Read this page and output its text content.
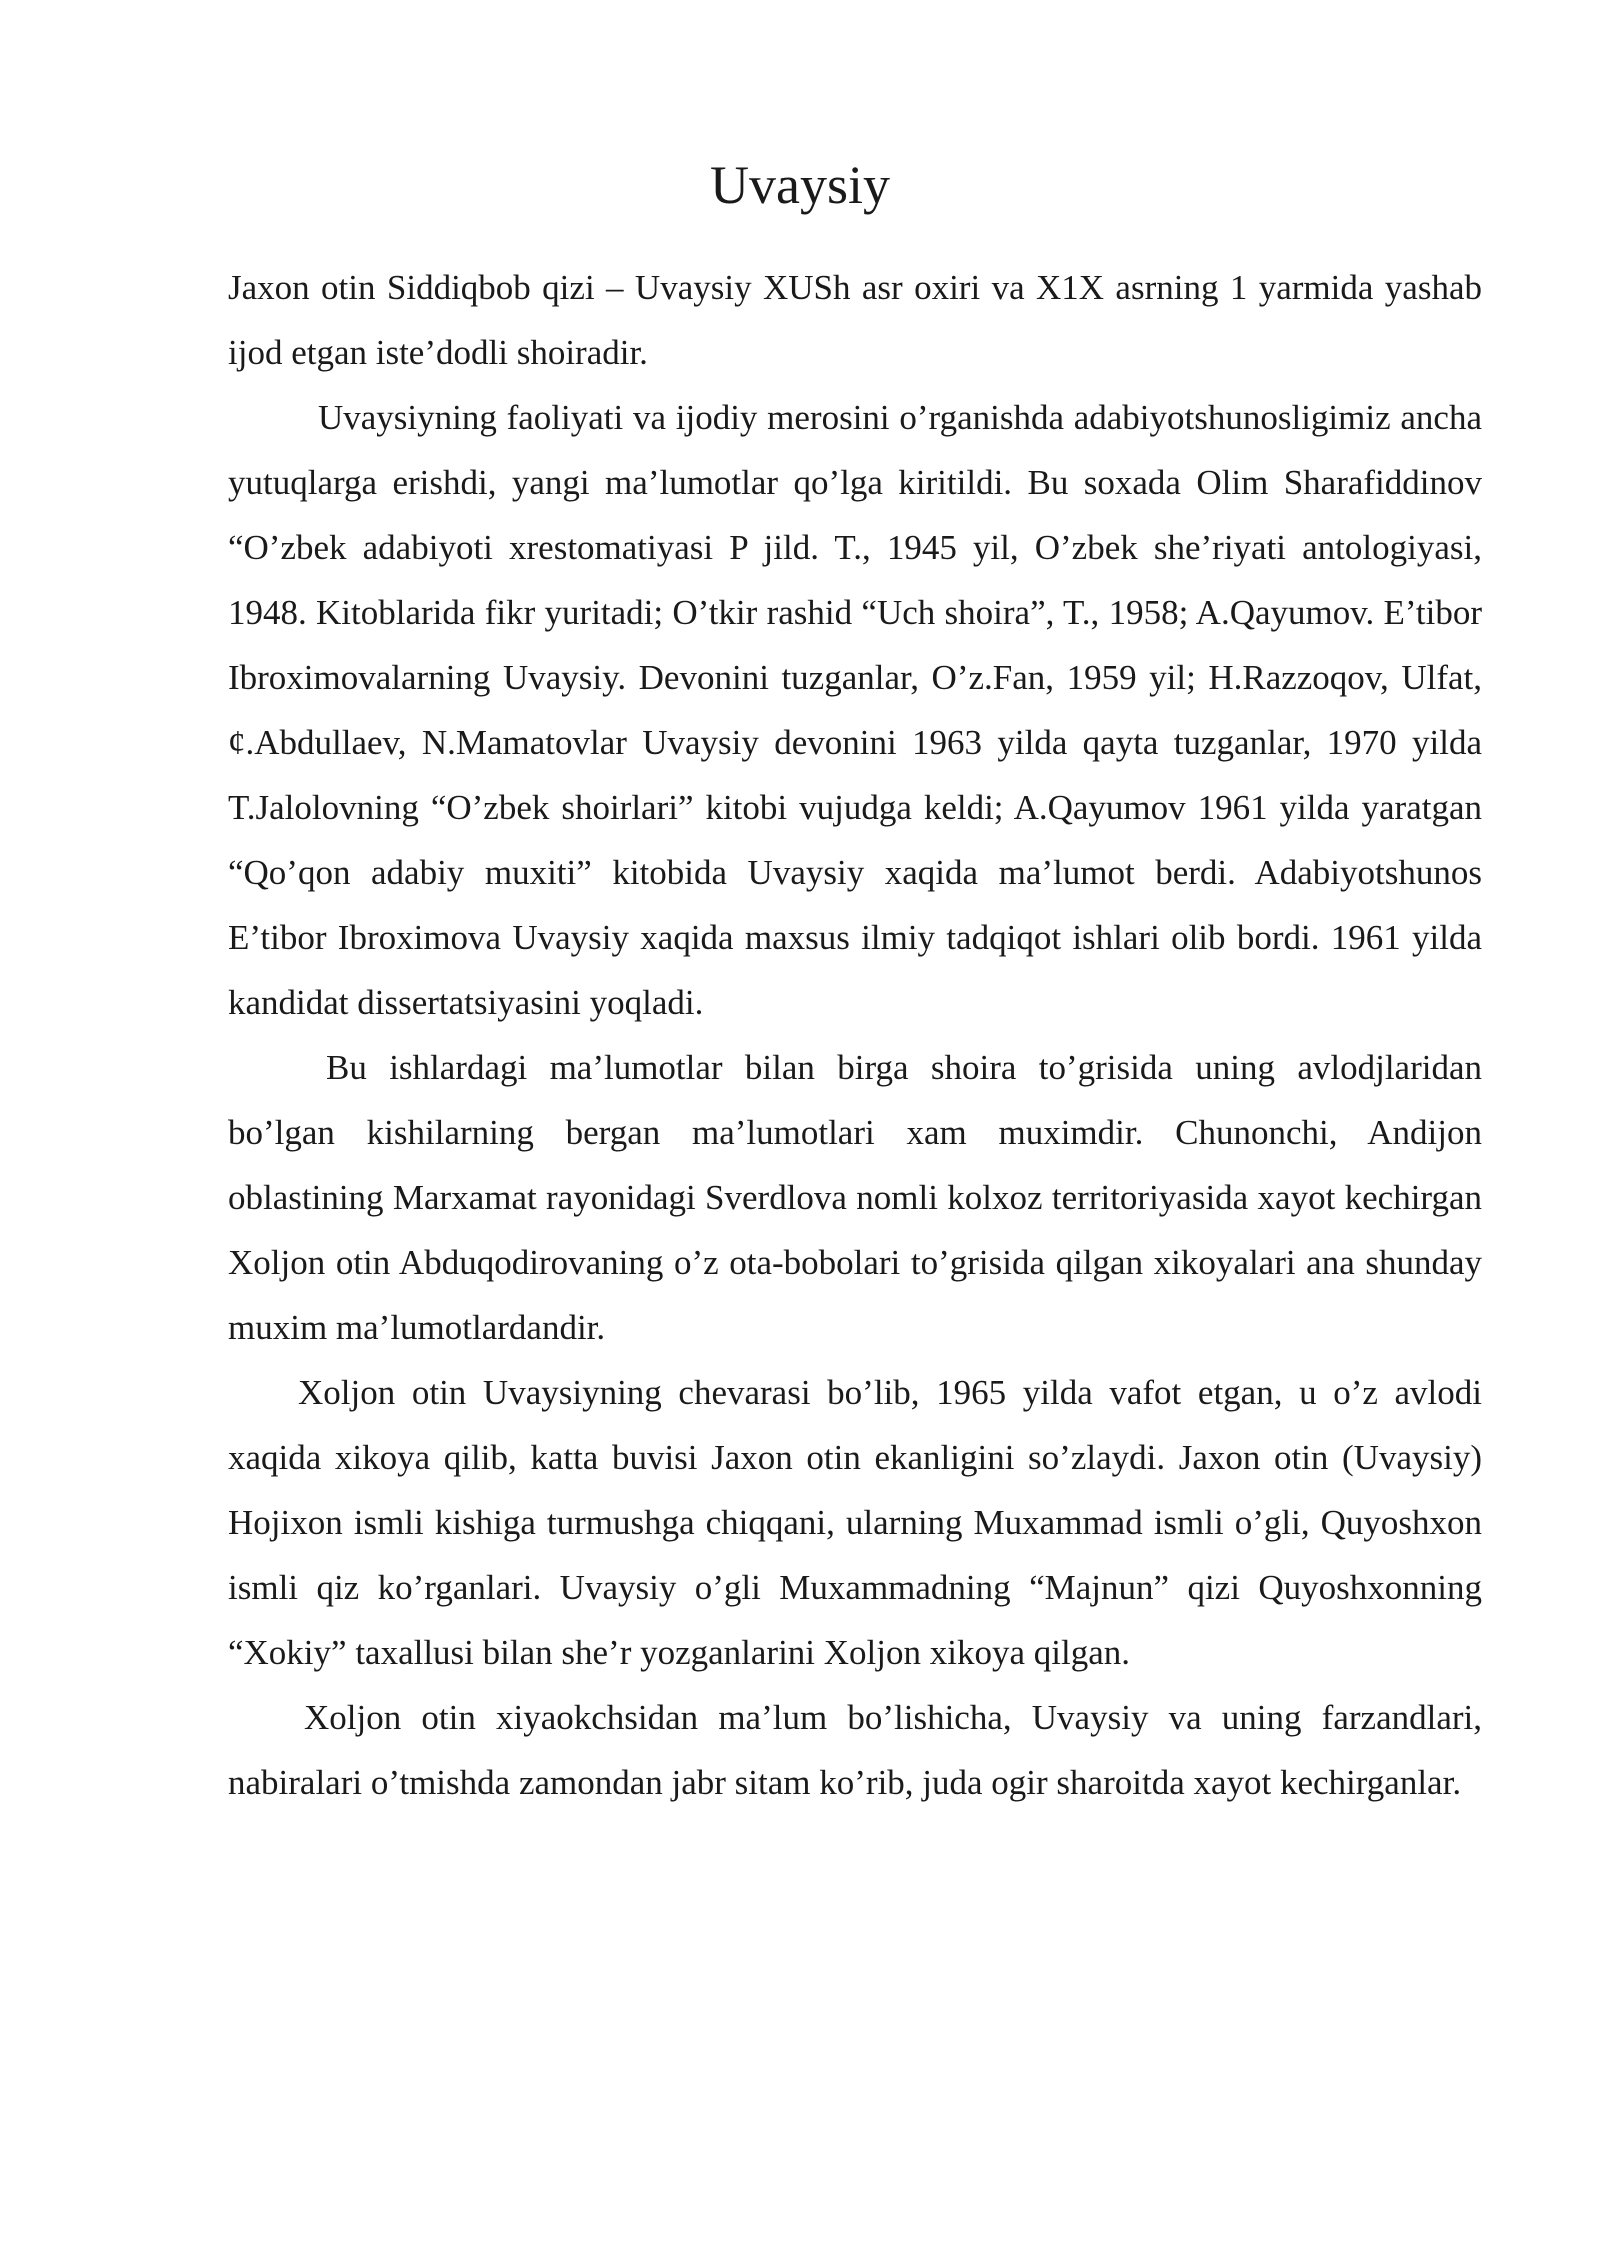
Uvaysiy

Jaxon otin Siddiqbob qizi – Uvaysiy XUSh asr oxiri va X1X asrning 1 yarmida yashab ijod etgan iste’dodli shoiradir.

Uvaysiyning faoliyati va ijodiy merosini o’rganishda adabiyotshunosligimiz ancha yutuqlarga erishdi, yangi ma’lumotlar qo’lga kiritildi. Bu soxada Olim Sharafiddinov “O’zbek adabiyoti xrestomatiyasi P jild. T., 1945 yil, O’zbek she’riyati antologiyasi, 1948. Kitoblarida fikr yuritadi; O’tkir rashid “Uch shoira”, T., 1958; A.Qayumov. E’tibor Ibroximovalarning Uvaysiy. Devonini tuzganlar, O’z.Fan, 1959 yil; H.Razzoqov, Ulfat, ¢.Abdullaev, N.Mamatovlar Uvaysiy devonini 1963 yilda qayta tuzganlar, 1970 yilda T.Jalolovning “O’zbek shoirlari” kitobi vujudga keldi; A.Qayumov 1961 yilda yaratgan “Qo’qon adabiy muxiti” kitobida Uvaysiy xaqida ma’lumot berdi. Adabiyotshunos E’tibor Ibroximova Uvaysiy xaqida maxsus ilmiy tadqiqot ishlari olib bordi. 1961 yilda kandidat dissertatsiyasini yoqladi.

Bu ishlardagi ma’lumotlar bilan birga shoira to’grisida uning avlodjlaridan bo’lgan kishilarning bergan ma’lumotlari xam muximdir. Chunonchi, Andijon oblastining Marxamat rayonidagi Sverdlova nomli kolxoz territoriyasida xayot kechirgan Xoljon otin Abduqodirovaning o’z ota-bobolari to’grisida qilgan xikoyalari ana shunday muxim ma’lumotlardandir.

Xoljon otin Uvaysiyning chevarasi bo’lib, 1965 yilda vafot etgan, u o’z avlodi xaqida xikoya qilib, katta buvisi Jaxon otin ekanligini so’zlaydi. Jaxon otin (Uvaysiy) Hojixon ismli kishiga turmushga chiqqani, ularning Muxammad ismli o’gli, Quyoshxon ismli qiz ko’rganlari. Uvaysiy o’gli Muxammadning “Majnun” qizi Quyoshxonning “Xokiy” taxallusi bilan she’r yozganlarini Xoljon xikoya qilgan.

Xoljon otin xiyaokchsidan ma’lum bo’lishicha, Uvaysiy va uning farzandlari, nabiralari o’tmishda zamondan jabr sitam ko’rib, juda ogir sharoitda xayot kechirganlar.
